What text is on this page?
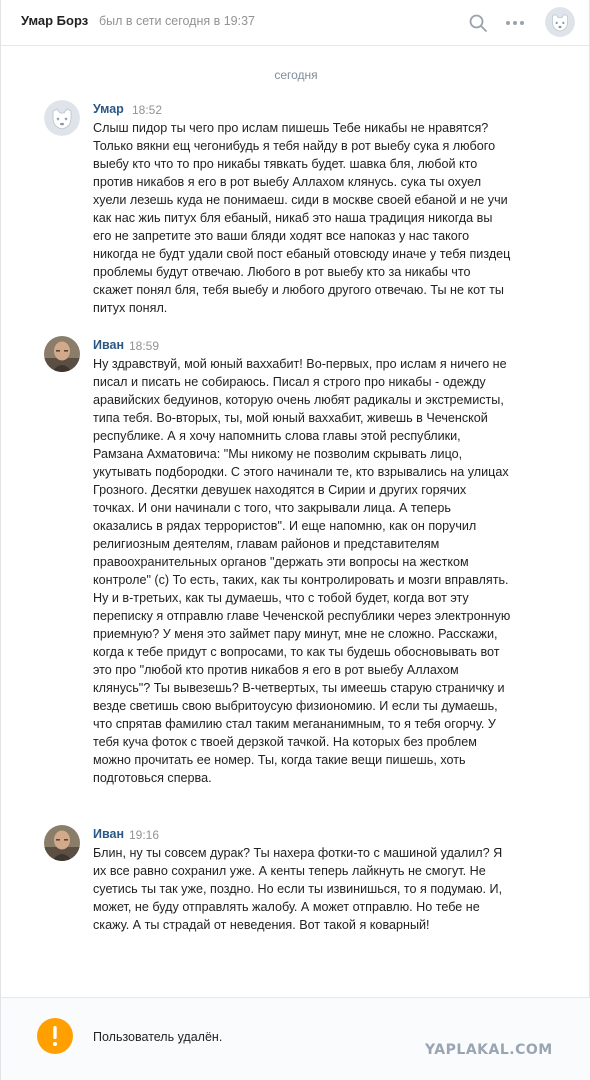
Умар Борз был в сети сегодня в 19:37
сегодня
Умар 18:52
Слыш пидор ты чего про ислам пишешь Тебе никабы не нравятся? Только вякни ещ чегонибудь я тебя найду в рот выебу сука я любого выебу кто что то про никабы тявкать будет. шавка бля, любой кто против никабов я его в рот выебу Аллахом клянусь. сука ты охуел хуели лезешь куда не понимаеш. сиди в москве своей ебаной и не учи как нас жиь питух бля ебаный, никаб это наша традиция никогда вы его не запретите это ваши бляди ходят все напоказ у нас такого никогда не будт удали свой пост ебаный отовсюду иначе у тебя пиздец проблемы будут отвечаю. Любого в рот выебу кто за никабы что скажет понял бля, тебя выебу и любого другого отвечаю. Ты не кот ты питух понял.
Иван 18:59
Ну здравствуй, мой юный ваххабит! Во-первых, про ислам я ничего не писал и писать не собираюсь. Писал я строго про никабы - одежду аравийских бедуинов, которую очень любят радикалы и экстремисты, типа тебя. Во-вторых, ты, мой юный ваххабит, живешь в Чеченской республике. А я хочу напомнить слова главы этой республики, Рамзана Ахматовича: "Мы никому не позволим скрывать лицо, укутывать подбородки. С этого начинали те, кто взрывались на улицах Грозного. Десятки девушек находятся в Сирии и других горячих точках. И они начинали с того, что закрывали лица. А теперь оказались в рядах террористов". И еще напомню, как он поручил религиозным деятелям, главам районов и представителям правоохранительных органов "держать эти вопросы на жестком контроле" (с) То есть, таких, как ты контролировать и мозги вправлять. Ну и в-третьих, как ты думаешь, что с тобой будет, когда вот эту переписку я отправлю главе Чеченской республики через электронную приемную? У меня это займет пару минут, мне не сложно. Расскажи, когда к тебе придут с вопросами, то как ты будешь обосновывать вот это про "любой кто против никабов я его в рот выебу Аллахом клянусь"? Ты вывезешь? В-четвертых, ты имеешь старую страничку и везде светишь свою выбритоусую физиономию. И если ты думаешь, что спрятав фамилию стал таким мегананимным, то я тебя огорчу. У тебя куча фоток с твоей дерзкой тачкой. На которых без проблем можно прочитать ее номер. Ты, когда такие вещи пишешь, хоть подготовься сперва.
Иван 19:16
Блин, ну ты совсем дурак? Ты нахера фотки-то с машиной удалил? Я их все равно сохранил уже. А кенты теперь лайкнуть не смогут. Не суетись ты так уже, поздно. Но если ты извинишься, то я подумаю. И, может, не буду отправлять жалобу. А может отправлю. Но тебе не скажу. А ты страдай от неведения. Вот такой я коварный!
Пользователь удалён.
YAPLAKAL.COM
